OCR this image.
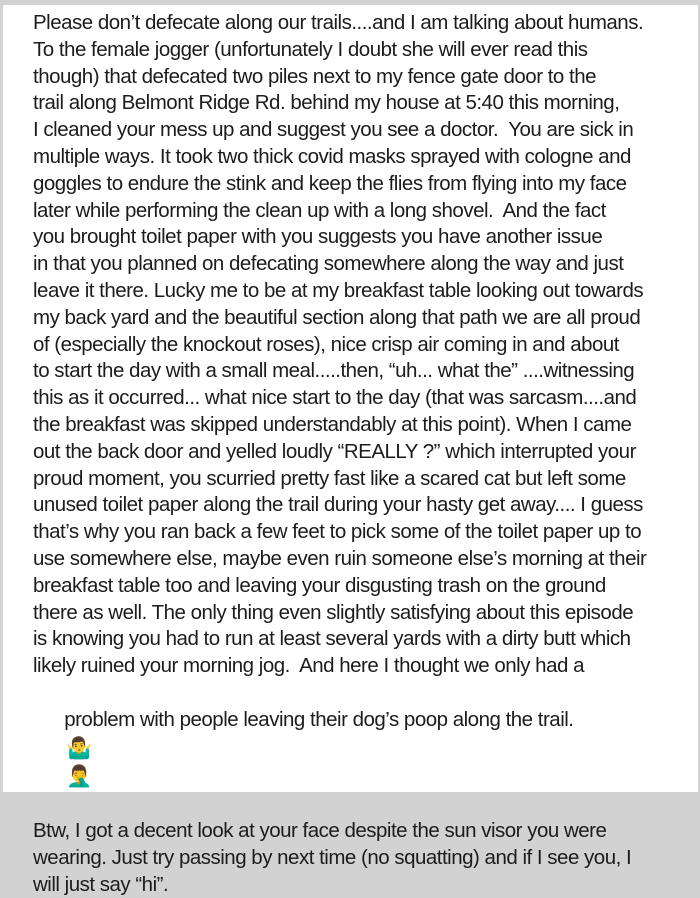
Please don’t defecate along our trails....and I am talking about humans.
To the female jogger (unfortunately I doubt she will ever read this
though) that defecated two piles next to my fence gate door to the
trail along Belmont Ridge Rd. behind my house at 5:40 this morning,
I cleaned your mess up and suggest you see a doctor.  You are sick in
multiple ways. It took two thick covid masks sprayed with cologne and
goggles to endure the stink and keep the flies from flying into my face
later while performing the clean up with a long shovel.  And the fact
you brought toilet paper with you suggests you have another issue
in that you planned on defecating somewhere along the way and just
leave it there. Lucky me to be at my breakfast table looking out towards
my back yard and the beautiful section along that path we are all proud
of (especially the knockout roses), nice crisp air coming in and about
to start the day with a small meal.....then, “uh... what the” ....witnessing
this as it occurred... what nice start to the day (that was sarcasm....and
the breakfast was skipped understandably at this point). When I came
out the back door and yelled loudly “REALLY ?” which interrupted your
proud moment, you scurried pretty fast like a scared cat but left some
unused toilet paper along the trail during your hasty get away.... I guess
that’s why you ran back a few feet to pick some of the toilet paper up to
use somewhere else, maybe even ruin someone else’s morning at their
breakfast table too and leaving your disgusting trash on the ground
there as well. The only thing even slightly satisfying about this episode
is knowing you had to run at least several yards with a dirty butt which
likely ruined your morning jog.  And here I thought we only had a

problem with people leaving their dog’s poop along the trail.
🤷‍♂️
🤦‍♂️

Btw, I got a decent look at your face despite the sun visor you were
wearing. Just try passing by next time (no squatting) and if I see you, I
will just say “hi”.
